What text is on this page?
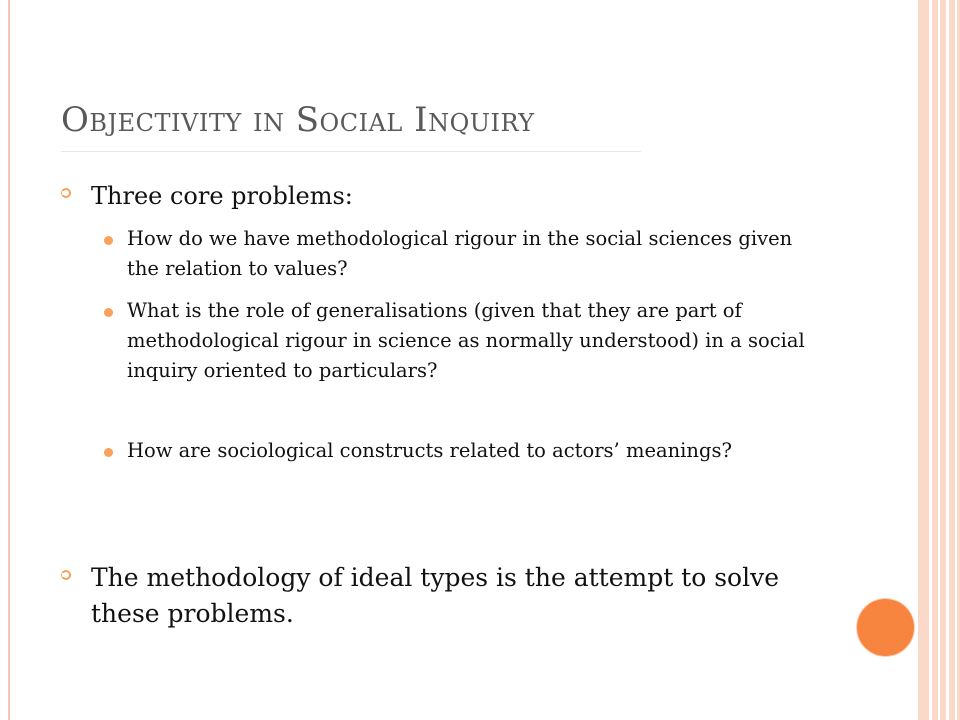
Objectivity in Social Inquiry
Three core problems:
How do we have methodological rigour in the social sciences given the relation to values?
What is the role of generalisations (given that they are part of methodological rigour in science as normally understood) in a social inquiry oriented to particulars?
How are sociological constructs related to actors’ meanings?
The methodology of ideal types is the attempt to solve these problems.
